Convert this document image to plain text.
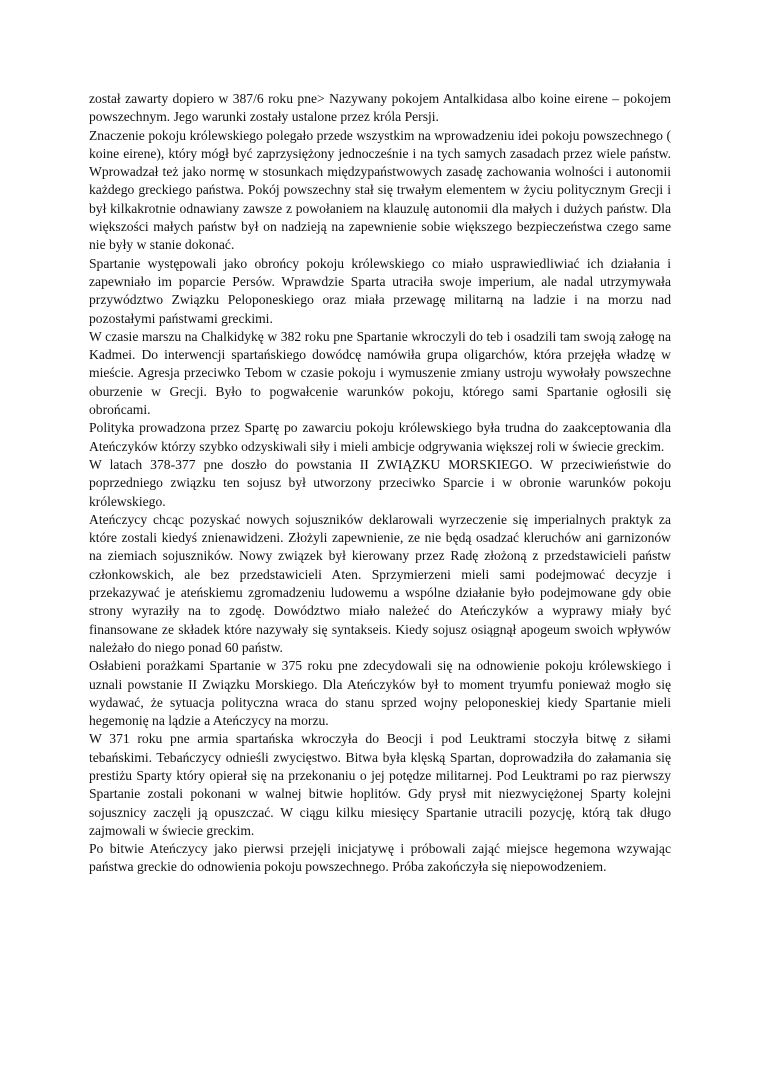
został zawarty dopiero w 387/6 roku pne> Nazywany pokojem Antalkidasa albo koine eirene – pokojem powszechnym. Jego warunki zostały ustalone przez króla Persji.

Znaczenie pokoju królewskiego polegało przede wszystkim na wprowadzeniu idei pokoju powszechnego ( koine eirene), który mógł być zaprzysiężony jednocześnie i na tych samych zasadach przez wiele państw. Wprowadzał też jako normę w stosunkach międzypaństwowych zasadę zachowania wolności i autonomii każdego greckiego państwa. Pokój powszechny stał się trwałym elementem w życiu politycznym Grecji i był kilkakrotnie odnawiany zawsze z powołaniem na klauzulę autonomii dla małych i dużych państw. Dla większości małych państw był on nadzieją na zapewnienie sobie większego bezpieczeństwa czego same nie były w stanie dokonać.

Spartanie występowali jako obrońcy pokoju królewskiego co miało usprawiedliwiać ich działania i zapewniało im poparcie Persów. Wprawdzie Sparta utraciła swoje imperium, ale nadal utrzymywała przywództwo Związku Peloponeskiego oraz miała przewagę militarną na ladzie i na morzu nad pozostałymi państwami greckimi.

W czasie marszu na Chalkidykę w 382 roku pne Spartanie wkroczyli do teb i osadzili tam swoją załogę na Kadmei. Do interwencji spartańskiego dowódcę namówiła grupa oligarchów, która przejęła władzę w mieście. Agresja przeciwko Tebom w czasie pokoju i wymuszenie zmiany ustroju wywołały powszechne oburzenie w Grecji. Było to pogwałcenie warunków pokoju, którego sami Spartanie ogłosili się obrońcami.

Polityka prowadzona przez Spartę po zawarciu pokoju królewskiego była trudna do zaakceptowania dla Ateńczyków którzy szybko odzyskiwali siły i mieli ambicje odgrywania większej roli w świecie greckim.

W latach 378-377 pne doszło do powstania II ZWIĄZKU MORSKIEGO. W przeciwieństwie do poprzedniego związku ten sojusz był utworzony przeciwko Sparcie i w obronie warunków pokoju królewskiego.

Ateńczycy chcąc pozyskać nowych sojuszników deklarowali wyrzeczenie się imperialnych praktyk za które zostali kiedyś znienawidzeni. Złożyli zapewnienie, ze nie będą osadzać kleruchów ani garnizonów na ziemiach sojuszników. Nowy związek był kierowany przez Radę złożoną z przedstawicieli państw członkowskich, ale bez przedstawicieli Aten. Sprzymierzeni mieli sami podejmować decyzje i przekazywać je ateńskiemu zgromadzeniu ludowemu a wspólne działanie było podejmowane gdy obie strony wyraziły na to zgodę. Dowództwo miało należeć do Ateńczyków a wyprawy miały być finansowane ze składek które nazywały się syntakseis. Kiedy sojusz osiągnął apogeum swoich wpływów należało do niego ponad 60 państw.

Osłabieni porażkami Spartanie w 375 roku pne zdecydowali się na odnowienie pokoju królewskiego i uznali powstanie II Związku Morskiego. Dla Ateńczyków był to moment tryumfu ponieważ mogło się wydawać, że sytuacja polityczna wraca do stanu sprzed wojny peloponeskiej kiedy Spartanie mieli hegemonię na lądzie a Ateńczycy na morzu.

W 371 roku pne armia spartańska wkroczyła do Beocji i pod Leuktrami stoczyła bitwę z siłami tebańskimi. Tebańczycy odnieśli zwycięstwo. Bitwa była klęską Spartan, doprowadziła do załamania się prestiżu Sparty który opierał się na przekonaniu o jej potędze militarnej. Pod Leuktrami po raz pierwszy Spartanie zostali pokonani w walnej bitwie hoplitów. Gdy prysł mit niezwyciężonej Sparty kolejni sojusznicy zaczęli ją opuszczać. W ciągu kilku miesięcy Spartanie utracili pozycję, którą tak długo zajmowali w świecie greckim.

Po bitwie Ateńczycy jako pierwsi przejęli inicjatywę i próbowali zająć miejsce hegemona wzywając państwa greckie do odnowienia pokoju powszechnego. Próba zakończyła się niepowodzeniem.
